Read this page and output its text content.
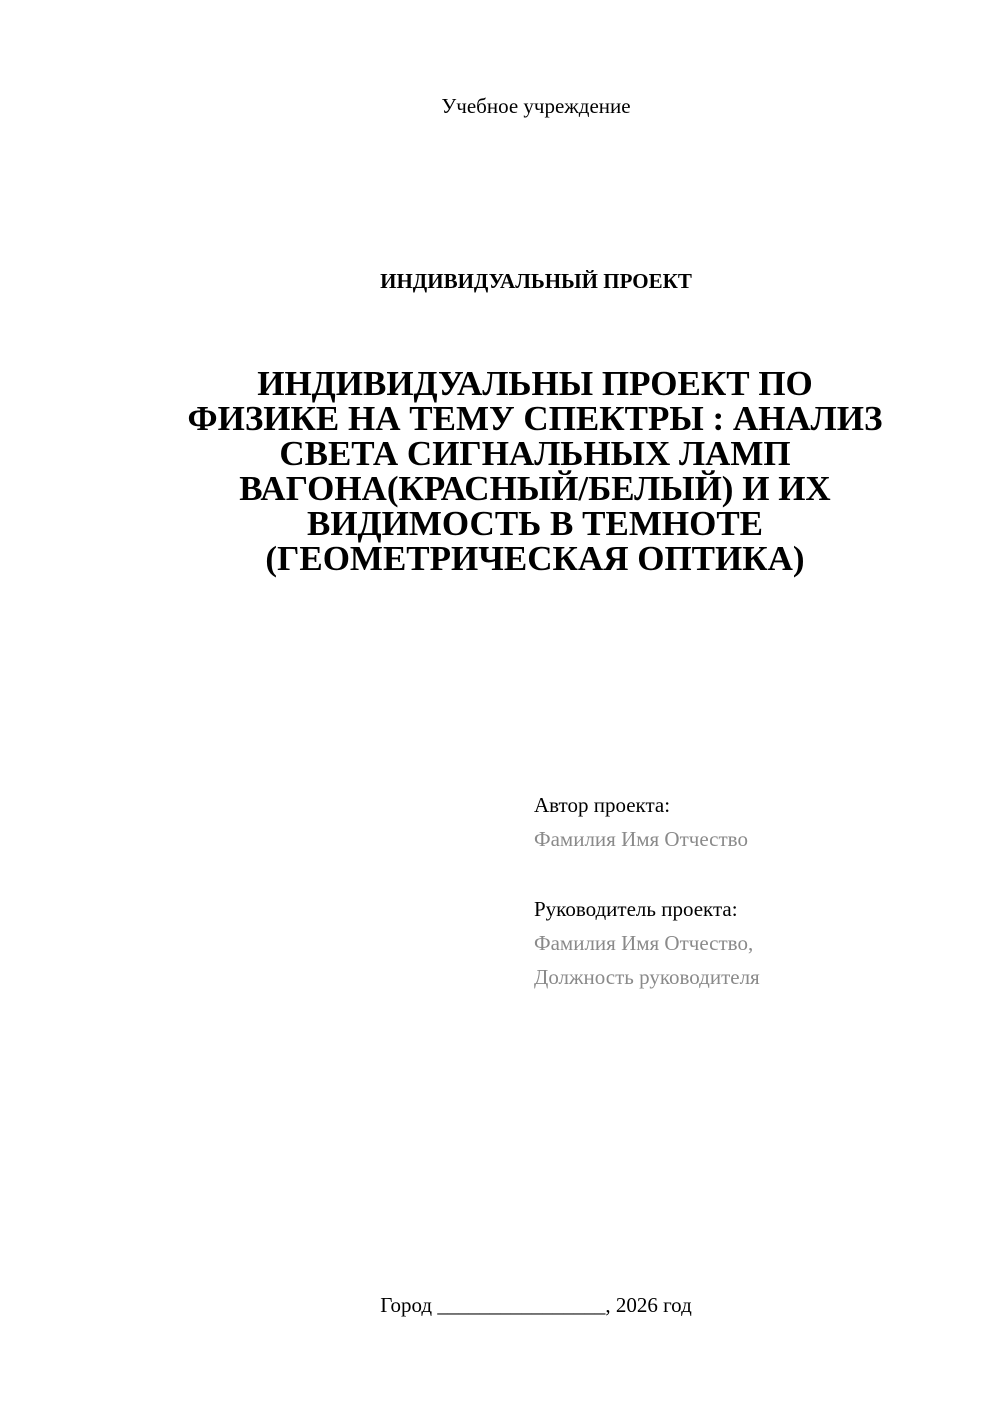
Учебное учреждение
ИНДИВИДУАЛЬНЫЙ ПРОЕКТ
ИНДИВИДУАЛЬНЫ ПРОЕКТ ПО
ФИЗИКЕ НА ТЕМУ СПЕКТРЫ : АНАЛИЗ
СВЕТА СИГНАЛЬНЫХ ЛАМП
ВАГОНА(КРАСНЫЙ/БЕЛЫЙ) И ИХ
ВИДИМОСТЬ В ТЕМНОТЕ
(ГЕОМЕТРИЧЕСКАЯ ОПТИКА)
Автор проекта:
Фамилия Имя Отчество
Руководитель проекта:
Фамилия Имя Отчество,
Должность руководителя
Город ________________, 2026 год
